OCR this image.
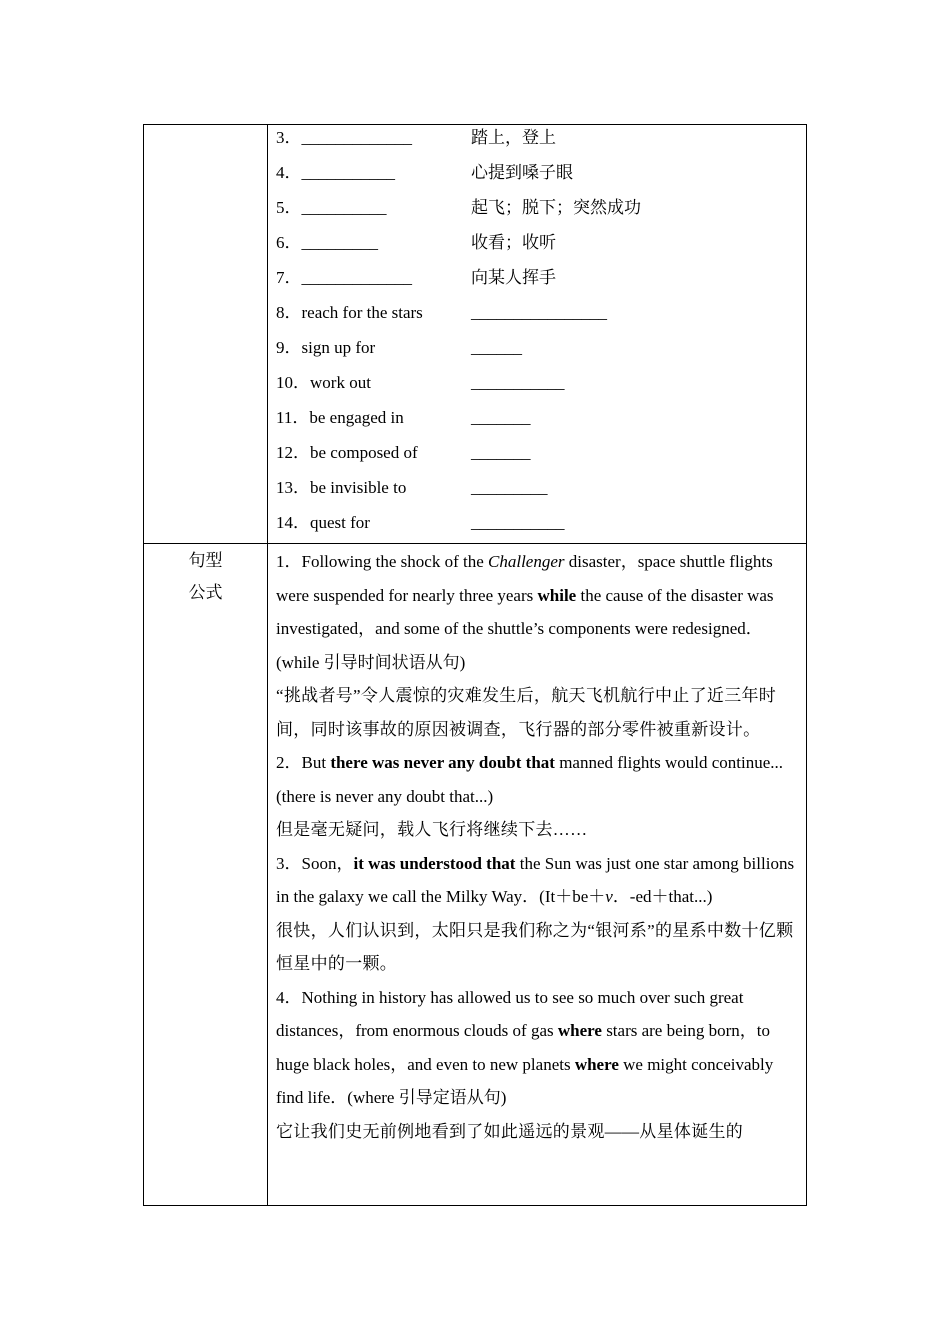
3．_____________	踏上，登上
4．___________	心提到嗓子眼
5．__________	起飞；脱下；突然成功
6．_________	收看；收听
7．_____________	向某人挥手
8．reach for the stars	________________
9．sign up for	______
10．work out	___________
11．be engaged in	_______
12．be composed of	_______
13．be invisible to	_________
14．quest for	___________
句型
公式

1．Following the shock of the Challenger disaster，space shuttle flights were suspended for nearly three years while the cause of the disaster was investigated，and some of the shuttle’s components were redesigned．(while 引导时间状语从句)

“挑战者号”令人震惊的灾难发生后，航天飞机航行中止了近三年时间，同时该事故的原因被调查，飞行器的部分零件被重新设计。

2．But there was never any doubt that manned flights would continue...(there is never any doubt that...)

但是毫无疑问，载人飞行将继续下去……

3．Soon，it was understood that the Sun was just one star among billions in the galaxy we call the Milky Way．(It＋be＋v．-ed＋that...)

很快，人们认识到，太阳只是我们称之为“银河系”的星系中数十亿颗恒星中的一颗。

4．Nothing in history has allowed us to see so much over such great distances，from enormous clouds of gas where stars are being born，to huge black holes，and even to new planets where we might conceivably find life．(where 引导定语从句)

它让我们史无前例地看到了如此遥远的景观——从星体诞生的
